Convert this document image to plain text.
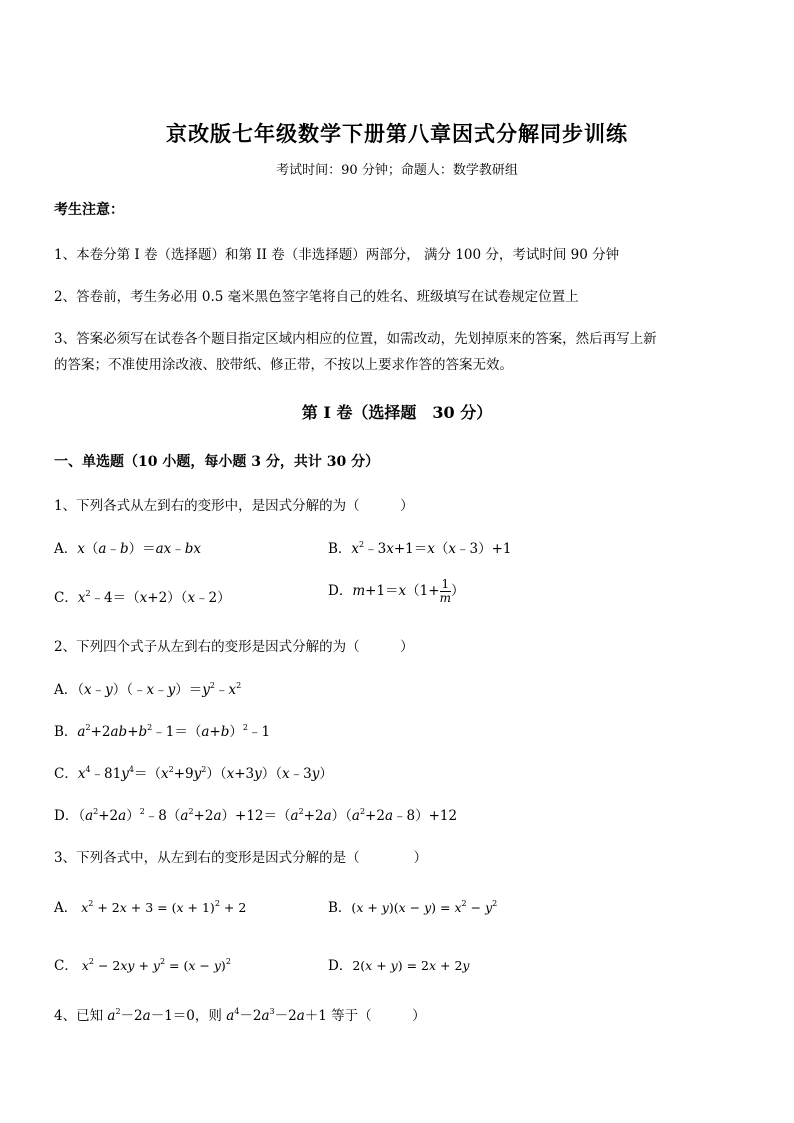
京改版七年级数学下册第八章因式分解同步训练
考试时间：90 分钟；命题人：数学教研组
考生注意：
1、本卷分第 I 卷（选择题）和第 II 卷（非选择题）两部分， 满分 100 分，考试时间 90 分钟
2、答卷前，考生务必用 0.5 毫米黑色签字笔将自己的姓名、班级填写在试卷规定位置上
3、答案必须写在试卷各个题目指定区域内相应的位置，如需改动，先划掉原来的答案，然后再写上新
的答案；不准使用涂改液、胶带纸、修正带，不按以上要求作答的答案无效。
第 I 卷（选择题　30 分）
一、单选题（10 小题，每小题 3 分，共计 30 分）
1、下列各式从左到右的变形中，是因式分解的为（　　　）
A．x（a﹣b）＝ax﹣bx	B．$x^2﹣3x+1=x(x﹣3)+1$
C．$x^2﹣4=(x+2)(x﹣2)$	D．$m+1=x(1+ \frac{1}{m}$ ）
2、下列四个式子从左到右的变形是因式分解的为（　　　）
A．$(x﹣y)(﹣x﹣y)=y^2﹣x^2$
B．$a^2+2ab+b^2﹣1=(a+b)^2﹣1$
C．$x^4﹣81y^4=(x^2+9y^2)(x+3y)(x﹣3y)$
D．$(a^2+2a)^2﹣8(a^2+2a)+12=(a^2+2a)(a^2+2a﹣8)+12$
3、下列各式中，从左到右的变形是因式分解的是（　　　　）
A． $x^2 + 2x + 3 = (x + 1)^2 + 2$	B．$(x + y)(x - y) = x^2 - y^2$
C． $x^2 - 2xy + y^2 = (x - y)^2$	D．2(x + y) = 2x + 2y
4、已知 $a^2-2a-1=0$，则 $a^4-2a^3-2a+1$ 等于（　　　）
